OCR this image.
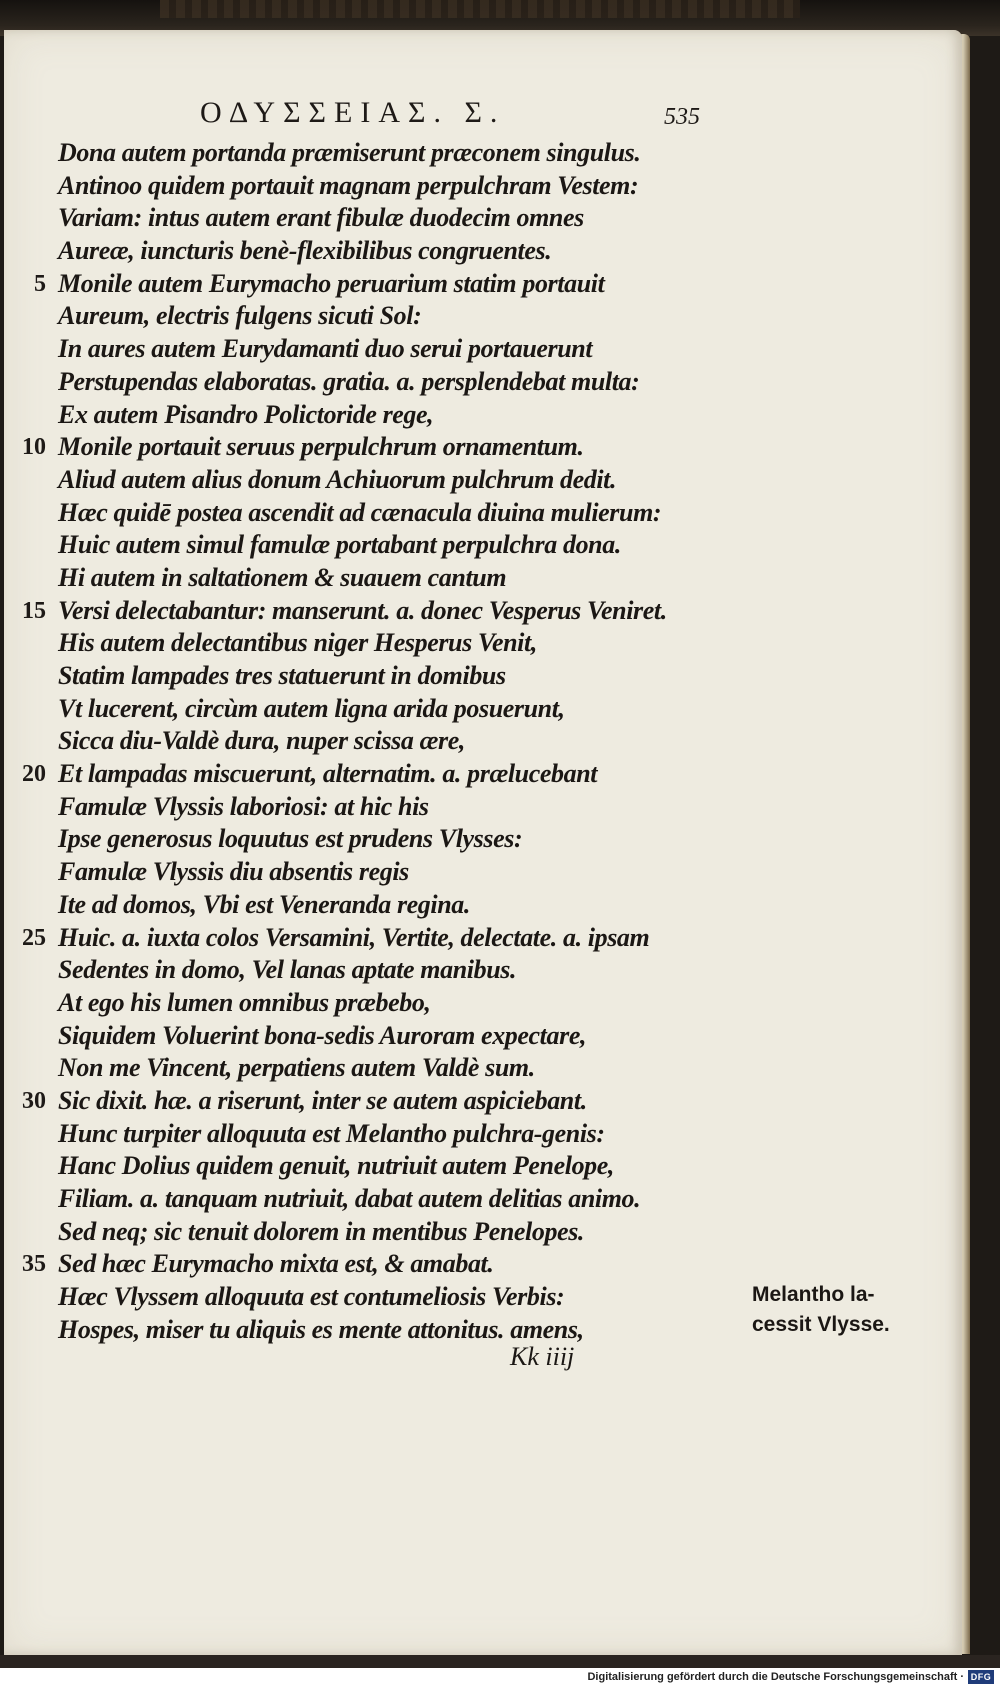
ΟΔΥΣΣΕΙΑΣ. Σ.	535
Dona autem portanda præmiserunt præconem singulus.
Antinoo quidem portauit magnam perpulchram Vestem:
Variam: intus autem erant fibulæ duodecim omnes
Aureæ, iuncturis benè-flexibilibus congruentes.
5 Monile autem Eurymacho peruarium statim portauit
Aureum, electris fulgens sicuti Sol:
In aures autem Eurydamanti duo serui portauerunt
Perstupendas elaboratas. gratia. a. persplendebat multa:
Ex autem Pisandro Polictoride rege,
10 Monile portauit seruus perpulchrum ornamentum.
Aliud autem alius donum Achiuorum pulchrum dedit.
Hæc quidē postea ascendit ad cænacula diuina mulierum:
Huic autem simul famulæ portabant perpulchra dona.
Hi autem in saltationem & suauem cantum
15 Versi delectabantur: manserunt. a. donec Vesperus Veniret.
His autem delectantibus niger Hesperus Venit,
Statim lampades tres statuerunt in domibus
Vt lucerent, circùm autem ligna arida posuerunt,
Sicca diu-Valdè dura, nuper scissa ære,
20 Et lampadas miscuerunt, alternatim. a. prælucebant
Famulæ Vlyssis laboriosi: at hic his
Ipse generosus loquutus est prudens Vlysses:
Famulæ Vlyssis diu absentis regis
Ite ad domos, Vbi est Veneranda regina.
25 Huic. a. iuxta colos Versamini, Vertite, delectate. a. ipsam
Sedentes in domo, Vel lanas aptate manibus.
At ego his lumen omnibus præbebo,
Siquidem Voluerint bona-sedis Auroram expectare,
Non me Vincent, perpatiens autem Valdè sum.
30 Sic dixit. hæ. a riserunt, inter se autem aspiciebant.
Hunc turpiter alloquuta est Melantho pulchra-genis:
Hanc Dolius quidem genuit, nutriuit autem Penelope,
Filiam. a. tanquam nutriuit, dabat autem delitias animo.
Sed neq; sic tenuit dolorem in mentibus Penelopes.
35 Sed hæc Eurymacho mixta est, & amabat.
Hæc Vlyssem alloquuta est contumeliosis Verbis:
Hospes, miser tu aliquis es mente attonitus. amens,
Melantho la-
cessit Vlysse.
Kk iiij
Digitalisierung gefördert durch die Deutsche Forschungsgemeinschaft · DFG
